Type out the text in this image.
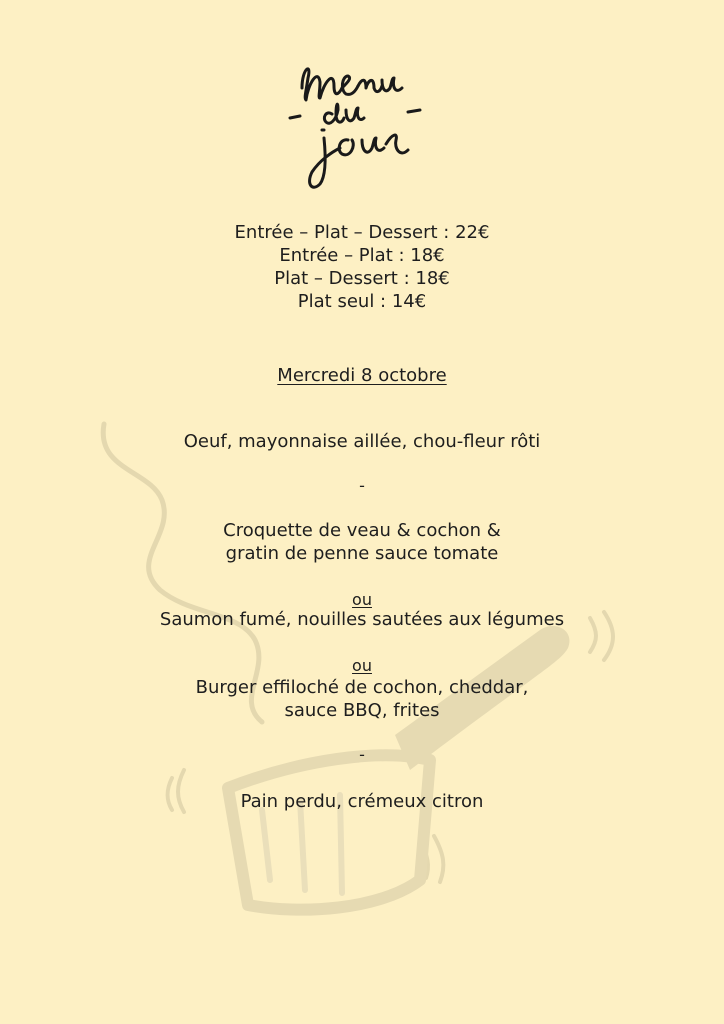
Entrée – Plat – Dessert : 22€
Entrée – Plat : 18€
Plat – Dessert : 18€
Plat seul : 14€
Mercredi 8 octobre
Oeuf, mayonnaise aillée, chou-fleur rôti
-
Croquette de veau & cochon &
gratin de penne sauce tomate
ou
Saumon fumé, nouilles sautées aux légumes
ou
Burger effiloché de cochon, cheddar,
sauce BBQ, frites
-
Pain perdu, crémeux citron
